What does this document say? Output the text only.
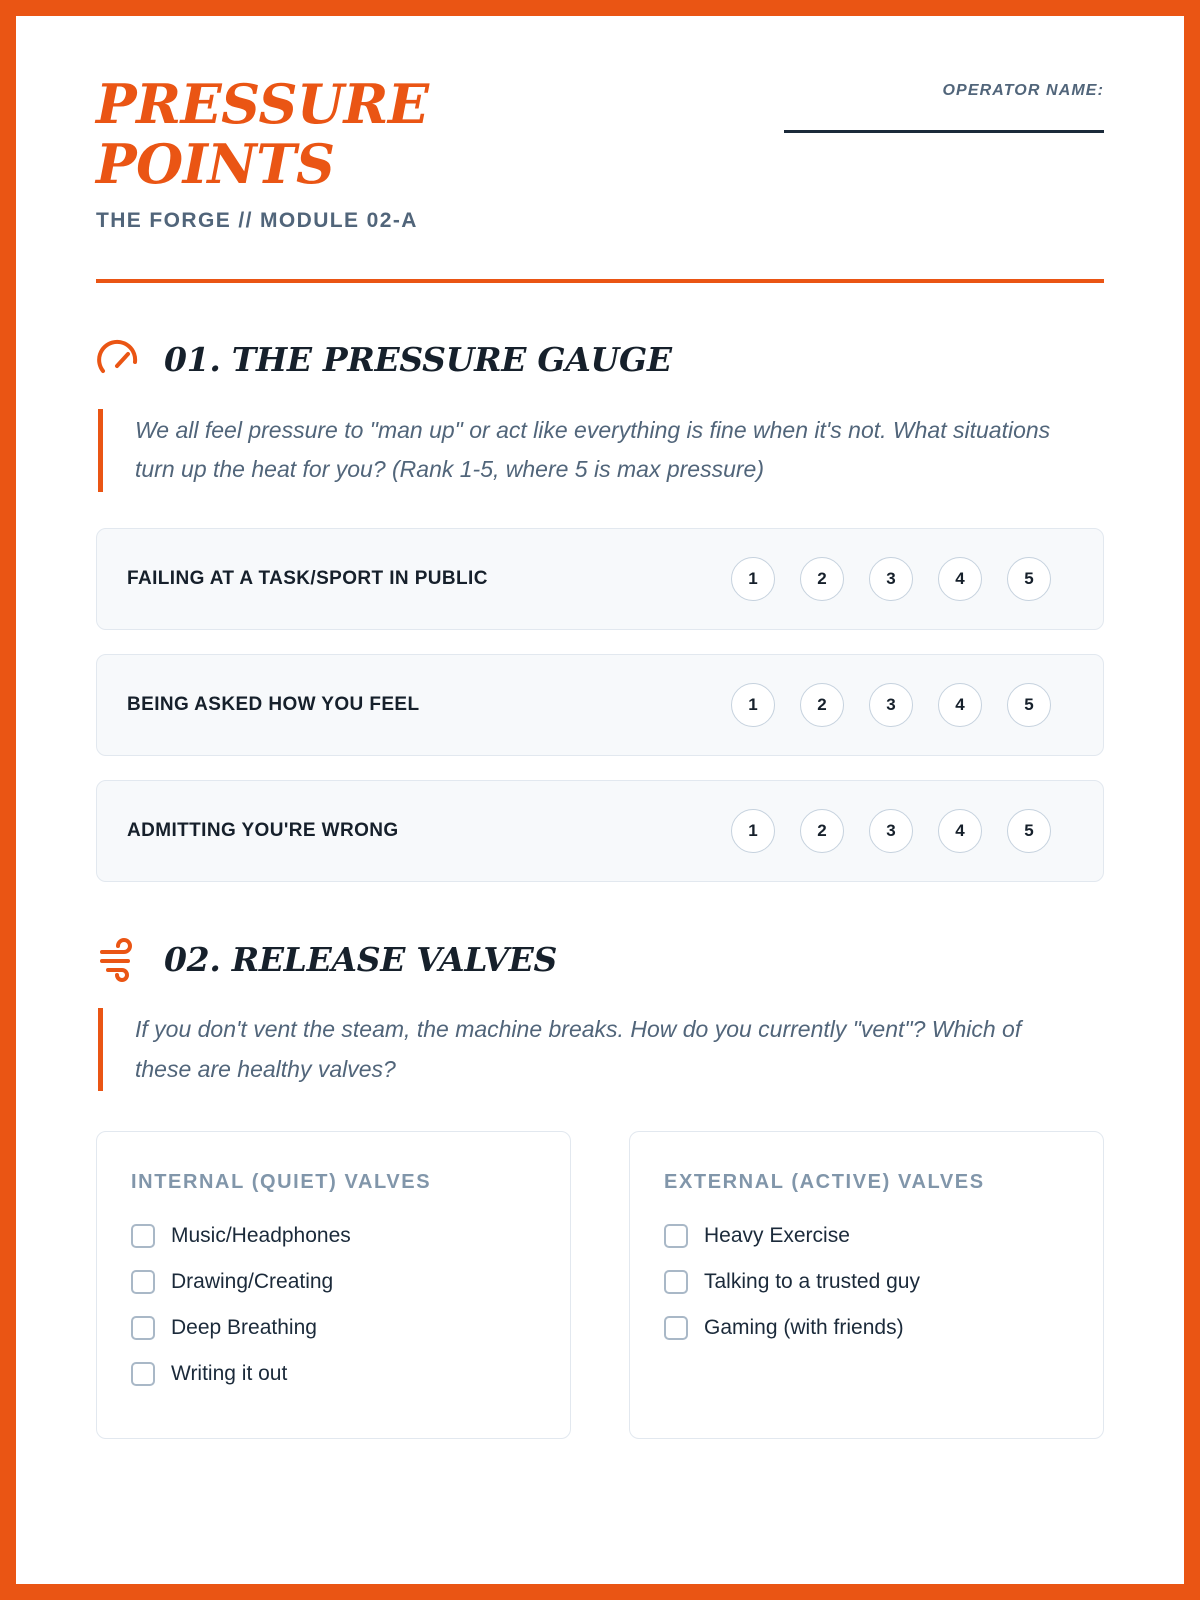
PRESSURE POINTS
THE FORGE // MODULE 02-A
OPERATOR NAME:
01. THE PRESSURE GAUGE
We all feel pressure to "man up" or act like everything is fine when it's not. What situations turn up the heat for you? (Rank 1-5, where 5 is max pressure)
FAILING AT A TASK/SPORT IN PUBLIC	1	2	3	4	5
BEING ASKED HOW YOU FEEL	1	2	3	4	5
ADMITTING YOU'RE WRONG	1	2	3	4	5
02. RELEASE VALVES
If you don't vent the steam, the machine breaks. How do you currently "vent"? Which of these are healthy valves?
INTERNAL (QUIET) VALVES
Music/Headphones
Drawing/Creating
Deep Breathing
Writing it out
EXTERNAL (ACTIVE) VALVES
Heavy Exercise
Talking to a trusted guy
Gaming (with friends)
